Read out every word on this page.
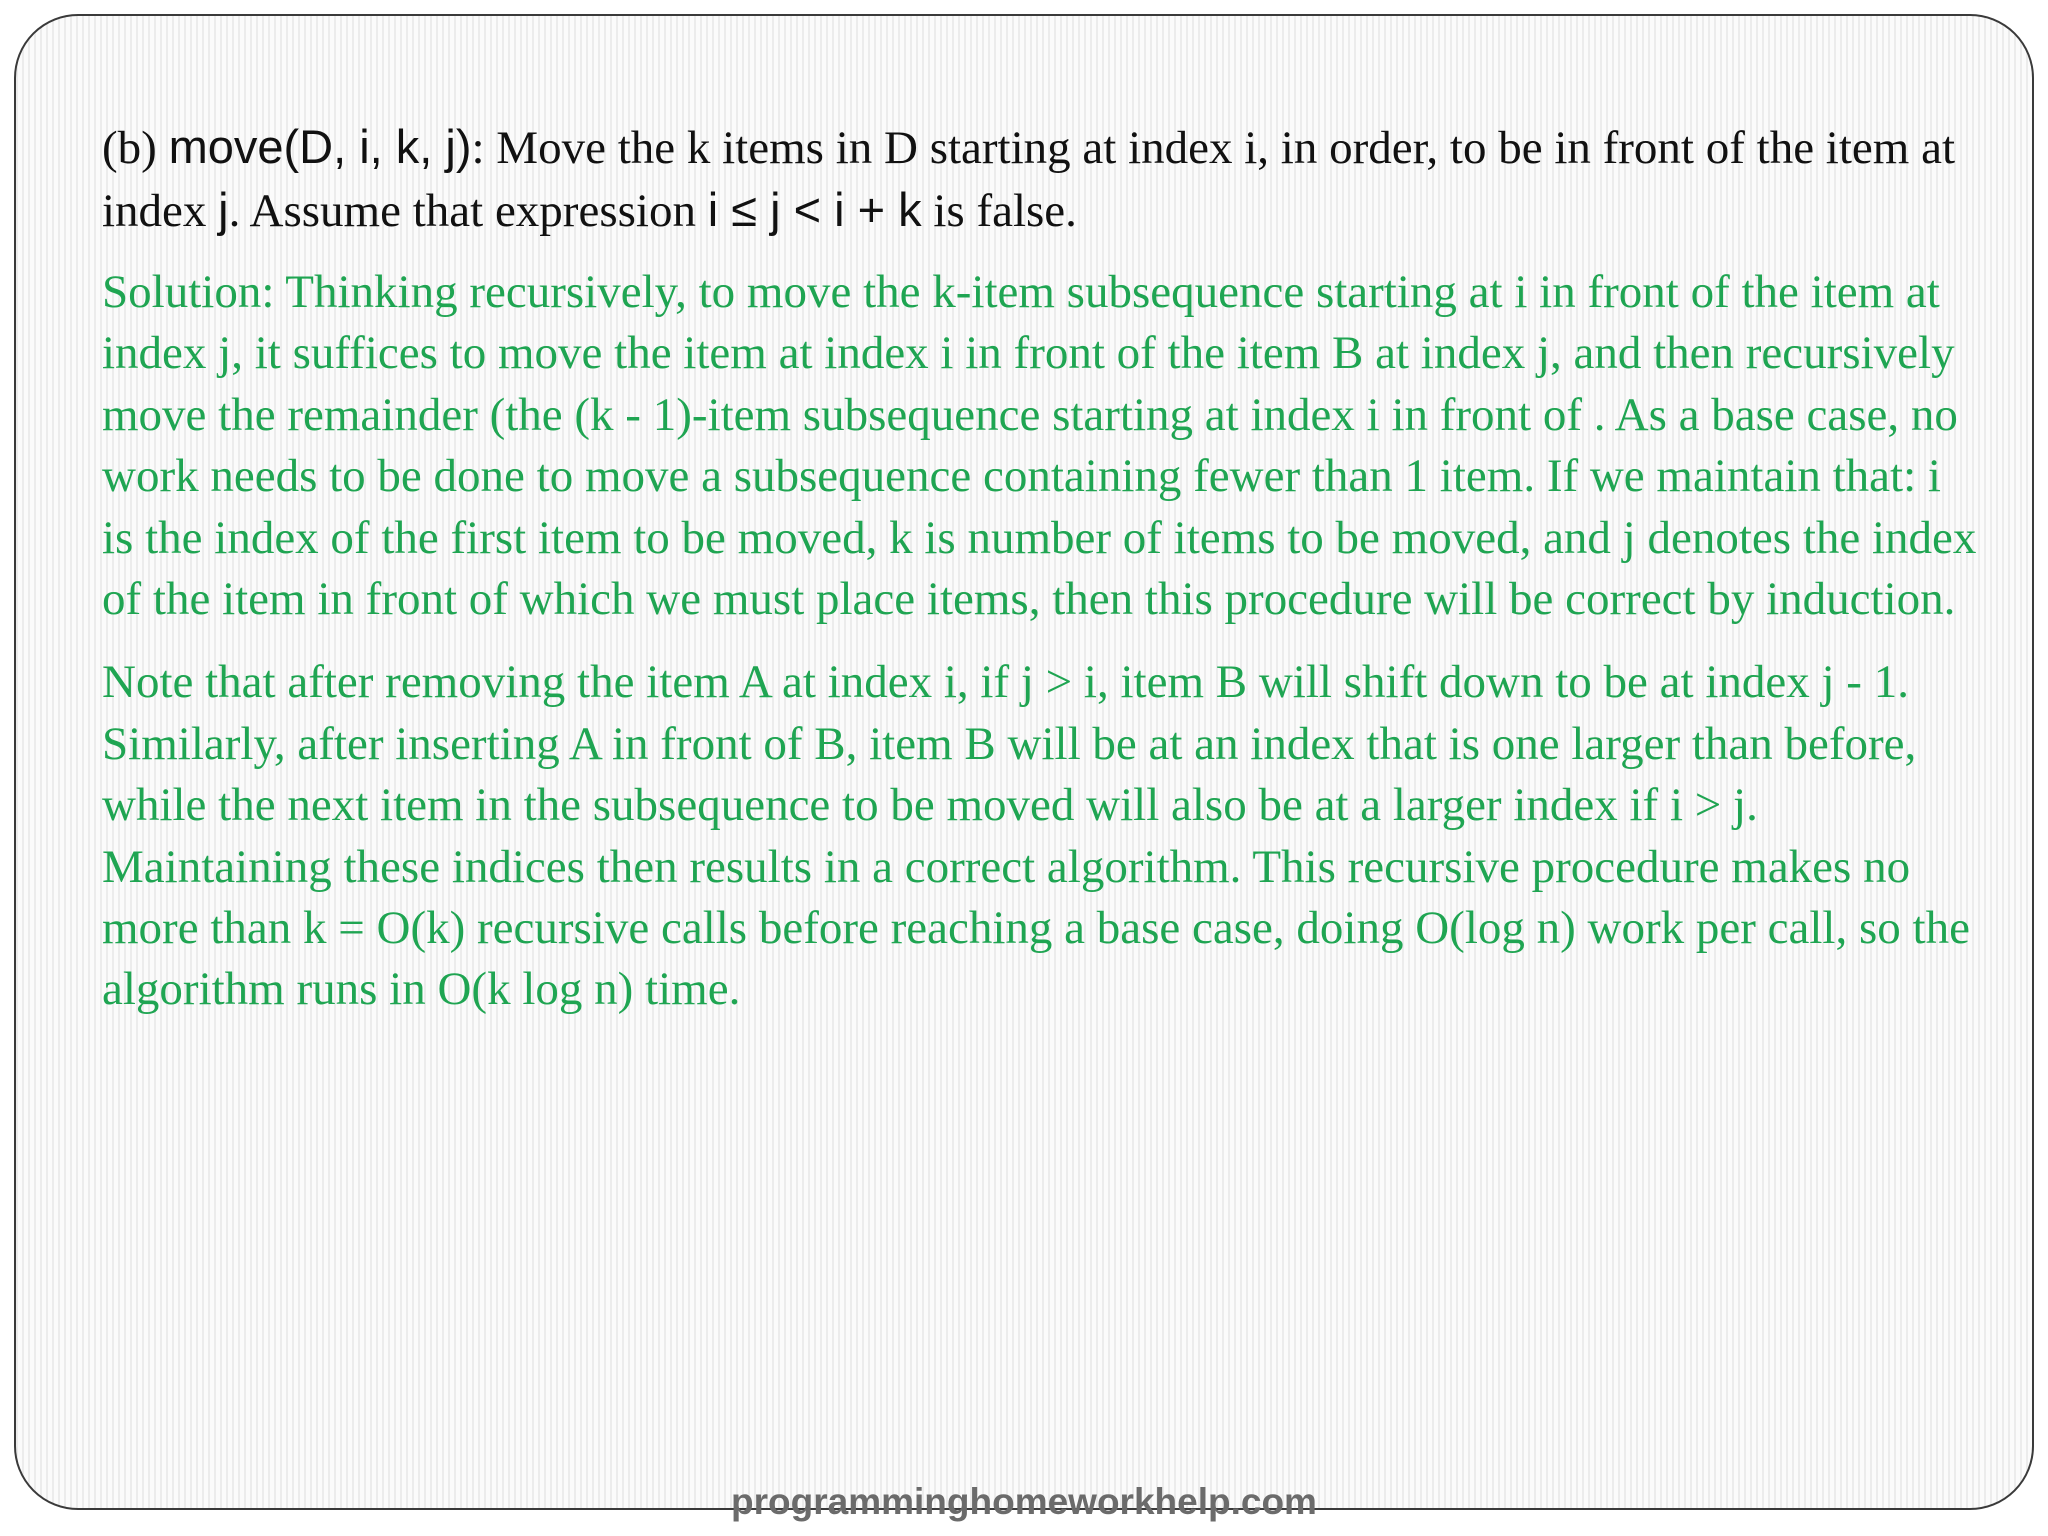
(b) move(D, i, k, j): Move the k items in D starting at index i, in order, to be in front of the item at index j. Assume that expression i ≤ j < i + k is false.

Solution: Thinking recursively, to move the k-item subsequence starting at i in front of the item at index j, it suffices to move the item at index i in front of the item B at index j, and then recursively move the remainder (the (k - 1)-item subsequence starting at index i in front of . As a base case, no work needs to be done to move a subsequence containing fewer than 1 item. If we maintain that: i is the index of the first item to be moved, k is number of items to be moved, and j denotes the index of the item in front of which we must place items, then this procedure will be correct by induction.

Note that after removing the item A at index i, if j > i, item B will shift down to be at index j - 1. Similarly, after inserting A in front of B, item B will be at an index that is one larger than before, while the next item in the subsequence to be moved will also be at a larger index if i > j. Maintaining these indices then results in a correct algorithm. This recursive procedure makes no more than k = O(k) recursive calls before reaching a base case, doing O(log n) work per call, so the algorithm runs in O(k log n) time.

programminghomeworkhelp.com
